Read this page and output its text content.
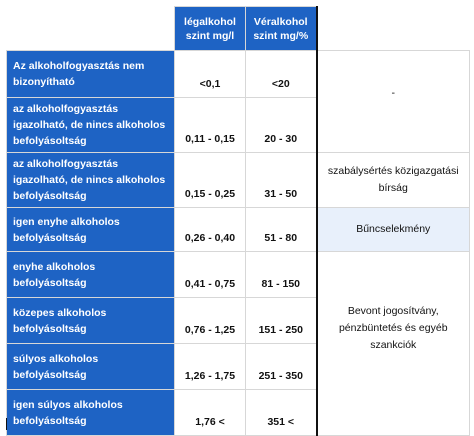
	légalkohol szint mg/l	Véralkohol szint mg/%	
Az alkoholfogyasztás nem bizonyítható	<0,1	<20	-
az alkoholfogyasztás igazolható, de nincs alkoholos befolyásoltság	0,11 - 0,15	20 - 30	
az alkoholfogyasztás igazolható, de nincs alkoholos befolyásoltság	0,15 - 0,25	31 - 50	szabálysértés közigazgatási bírság
igen enyhe alkoholos befolyásoltság	0,26 - 0,40	51 - 80	Bűncselekmény
enyhe alkoholos befolyásoltság	0,41 - 0,75	81 - 150	Bevont jogosítvány, pénzbüntetés és egyéb szankciók
közepes alkoholos befolyásoltság	0,76 - 1,25	151 - 250	
súlyos alkoholos befolyásoltság	1,26 - 1,75	251 - 350	
igen súlyos alkoholos befolyásoltság	1,76 <	351 <	
